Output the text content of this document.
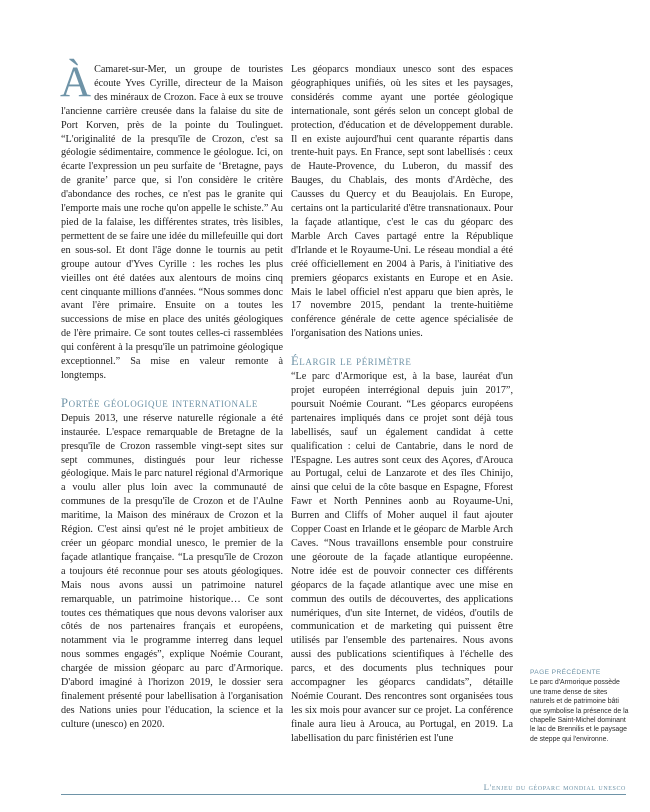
À Camaret-sur-Mer, un groupe de touristes écoute Yves Cyrille, directeur de la Maison des minéraux de Crozon. Face à eux se trouve l'ancienne carrière creusée dans la falaise du site de Port Korven, près de la pointe du Toulinguet. “L'originalité de la presqu'île de Crozon, c'est sa géologie sédimentaire, commence le géologue. Ici, on écarte l'expression un peu surfaite de ‘Bretagne, pays de granite’ parce que, si l'on considère le critère d'abondance des roches, ce n'est pas le granite qui l'emporte mais une roche qu'on appelle le schiste.” Au pied de la falaise, les différentes strates, très lisibles, permettent de se faire une idée du millefeuille qui dort en sous-sol. Et dont l'âge donne le tournis au petit groupe autour d'Yves Cyrille : les roches les plus vieilles ont été datées aux alentours de moins cinq cent cinquante millions d'années. “Nous sommes donc avant l'ère primaire. Ensuite on a toutes les successions de mise en place des unités géologiques de l'ère primaire. Ce sont toutes celles-ci rassemblées qui confèrent à la presqu'île un patrimoine géologique exceptionnel.” Sa mise en valeur remonte à longtemps.

Portée géologique internationale

Depuis 2013, une réserve naturelle régionale a été instaurée. L'espace remarquable de Bretagne de la presqu'île de Crozon rassemble vingt-sept sites sur sept communes, distingués pour leur richesse géologique. Mais le parc naturel régional d'Armorique a voulu aller plus loin avec la communauté de communes de la presqu'île de Crozon et de l'Aulne maritime, la Maison des minéraux de Crozon et la Région. C'est ainsi qu'est né le projet ambitieux de créer un géoparc mondial unesco, le premier de la façade atlantique française. “La presqu'île de Crozon a toujours été reconnue pour ses atouts géologiques. Mais nous avons aussi un patrimoine naturel remarquable, un patrimoine historique… Ce sont toutes ces thématiques que nous devons valoriser aux côtés de nos partenaires français et européens, notamment via le programme interreg dans lequel nous sommes engagés”, explique Noémie Courant, chargée de mission géoparc au parc d'Armorique. D'abord imaginé à l'horizon 2019, le dossier sera finalement présenté pour labellisation à l'organisation des Nations unies pour l'éducation, la science et la culture (unesco) en 2020.

Les géoparcs mondiaux unesco sont des espaces géographiques unifiés, où les sites et les paysages, considérés comme ayant une portée géologique internationale, sont gérés selon un concept global de protection, d'éducation et de développement durable. Il en existe aujourd'hui cent quarante répartis dans trente-huit pays. En France, sept sont labellisés : ceux de Haute-Provence, du Luberon, du massif des Bauges, du Chablais, des monts d'Ardèche, des Causses du Quercy et du Beaujolais. En Europe, certains ont la particularité d'être transnationaux. Pour la façade atlantique, c'est le cas du géoparc des Marble Arch Caves partagé entre la République d'Irlande et le Royaume-Uni. Le réseau mondial a été créé officiellement en 2004 à Paris, à l'initiative des premiers géoparcs existants en Europe et en Asie. Mais le label officiel n'est apparu que bien après, le 17 novembre 2015, pendant la trente-huitième conférence générale de cette agence spécialisée de l'organisation des Nations unies.

Élargir le périmètre

“Le parc d'Armorique est, à la base, lauréat d'un projet européen interrégional depuis juin 2017”, poursuit Noémie Courant. “Les géoparcs européens partenaires impliqués dans ce projet sont déjà tous labellisés, sauf un également candidat à cette qualification : celui de Cantabrie, dans le nord de l'Espagne. Les autres sont ceux des Açores, d'Arouca au Portugal, celui de Lanzarote et des îles Chinijo, ainsi que celui de la côte basque en Espagne, Fforest Fawr et North Pennines aonb au Royaume-Uni, Burren and Cliffs of Moher auquel il faut ajouter Copper Coast en Irlande et le géoparc de Marble Arch Caves. “Nous travaillons ensemble pour construire une géoroute de la façade atlantique européenne. Notre idée est de pouvoir connecter ces différents géoparcs de la façade atlantique avec une mise en commun des outils de découvertes, des applications numériques, d'un site Internet, de vidéos, d'outils de communication et de marketing qui puissent être utilisés par l'ensemble des partenaires. Nous avons aussi des publications scientifiques à l'échelle des parcs, et des documents plus techniques pour accompagner les géoparcs candidats”, détaille Noémie Courant. Des rencontres sont organisées tous les six mois pour avancer sur ce projet. La conférence finale aura lieu à Arouca, au Portugal, en 2019. La labellisation du parc finistérien est l'une

PAGE PRÉCÉDENTE
Le parc d'Armorique possède une trame dense de sites naturels et de patrimoine bâti que symbolise la présence de la chapelle Saint-Michel dominant le lac de Brennilis et le paysage de steppe qui l'environne.
L'enjeu du géoparc mondial unesco
